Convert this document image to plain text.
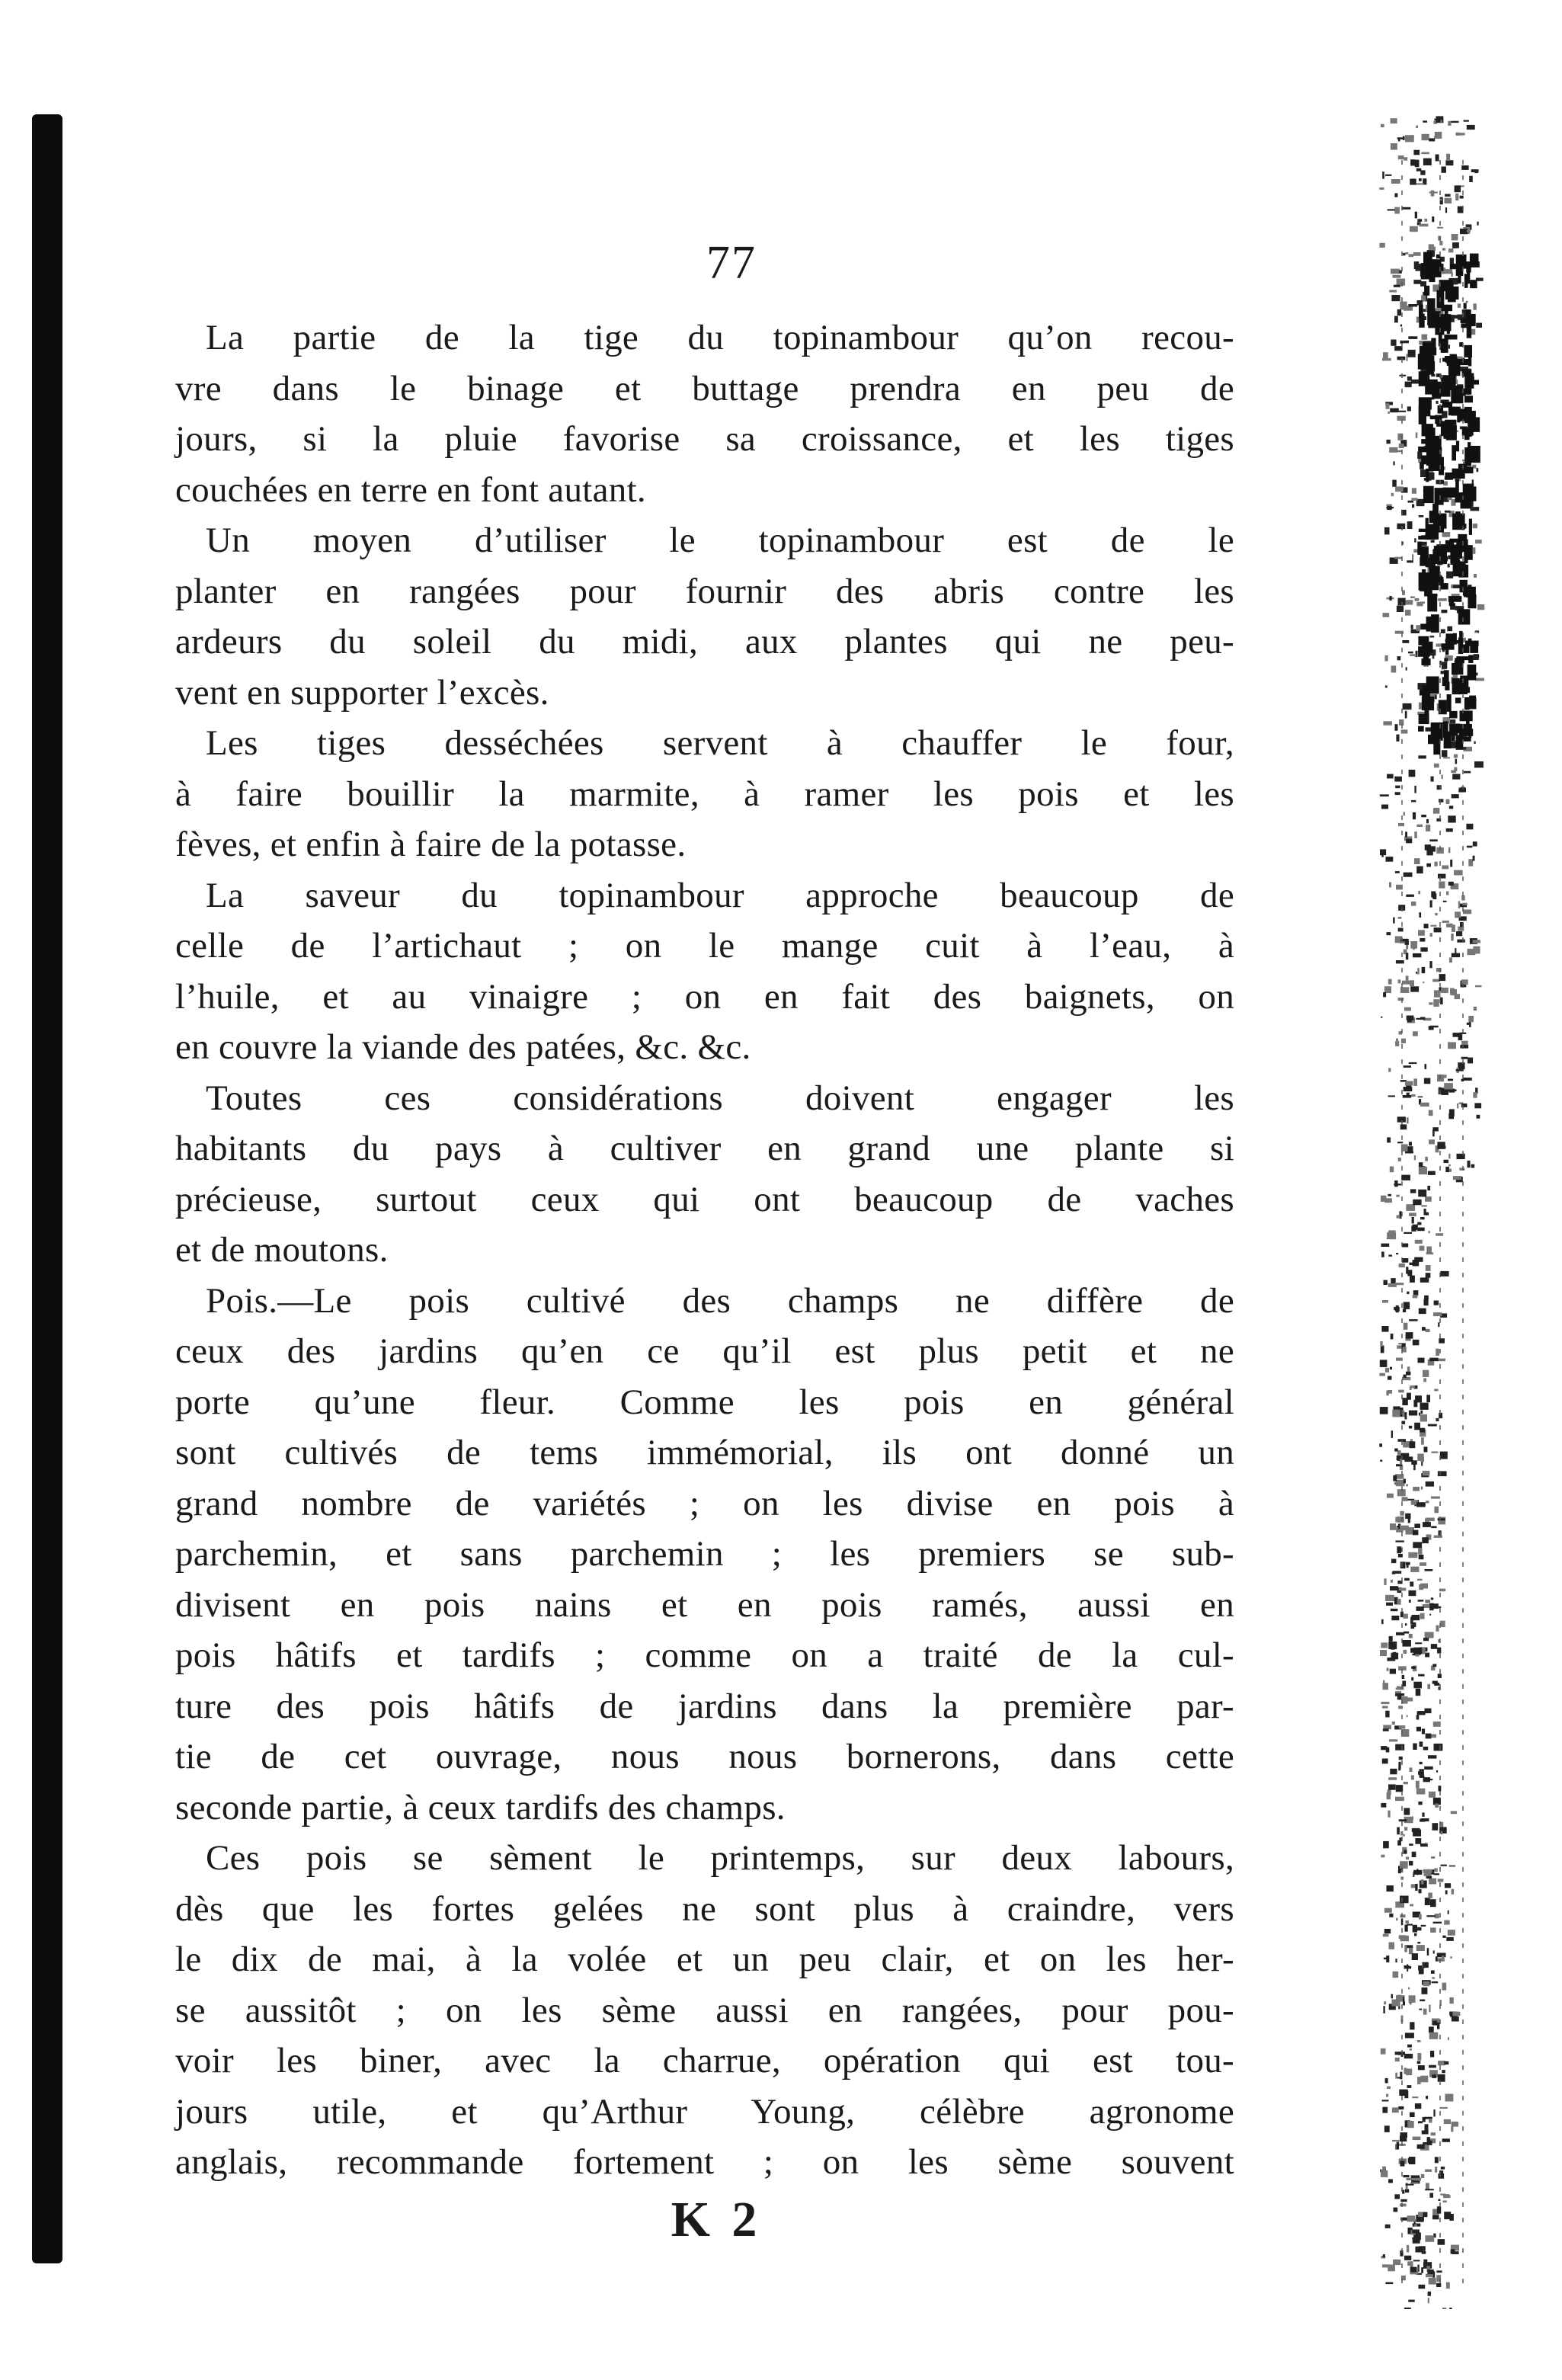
77
La partie de la tige du topinambour qu’on recou-
vre dans le binage et buttage prendra en peu de
jours, si la pluie favorise sa croissance, et les tiges
couchées en terre en font autant.
Un moyen d’utiliser le topinambour est de le
planter en rangées pour fournir des abris contre les
ardeurs du soleil du midi, aux plantes qui ne peu-
vent en supporter l’excès.
Les tiges desséchées servent à chauffer le four,
à faire bouillir la marmite, à ramer les pois et les
fèves, et enfin à faire de la potasse.
La saveur du topinambour approche beaucoup de
celle de l’artichaut ; on le mange cuit à l’eau, à
l’huile, et au vinaigre ; on en fait des baignets, on
en couvre la viande des patées, &c. &c.
Toutes ces considérations doivent engager les
habitants du pays à cultiver en grand une plante si
précieuse, surtout ceux qui ont beaucoup de vaches
et de moutons.
Pois.—Le pois cultivé des champs ne diffère de
ceux des jardins qu’en ce qu’il est plus petit et ne
porte qu’une fleur. Comme les pois en général
sont cultivés de tems immémorial, ils ont donné un
grand nombre de variétés ; on les divise en pois à
parchemin, et sans parchemin ; les premiers se sub-
divisent en pois nains et en pois ramés, aussi en
pois hâtifs et tardifs ; comme on a traité de la cul-
ture des pois hâtifs de jardins dans la première par-
tie de cet ouvrage, nous nous bornerons, dans cette
seconde partie, à ceux tardifs des champs.
Ces pois se sèment le printemps, sur deux labours,
dès que les fortes gelées ne sont plus à craindre, vers
le dix de mai, à la volée et un peu clair, et on les her-
se aussitôt ; on les sème aussi en rangées, pour pou-
voir les biner, avec la charrue, opération qui est tou-
jours utile, et qu’Arthur Young, célèbre agronome
anglais, recommande fortement ; on les sème souvent
K 2
